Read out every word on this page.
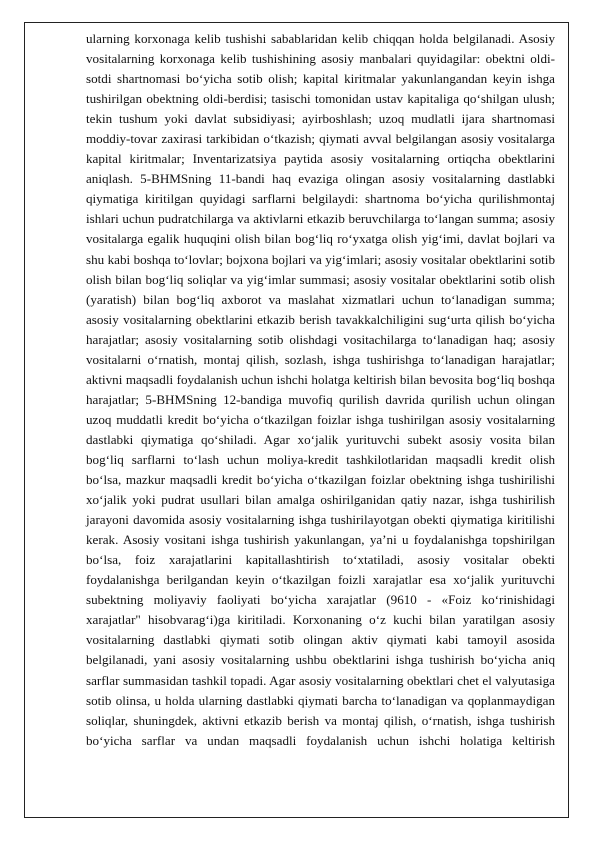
ularning korxonaga kelib tushishi sabablaridan kelib chiqqan holda belgilanadi. Asosiy vositalarning korxonaga kelib tushishining asosiy manbalari quyidagilar: obektni oldi-sotdi shartnomasi bo‘yicha sotib olish; kapital kiritmalar yakunlangandan keyin ishga tushirilgan obektning oldi-berdisi; tasischi tomonidan ustav kapitaliga qo‘shilgan ulush; tekin tushum yoki davlat subsidiyasi; ayirboshlash; uzoq mudlatli ijara shartnomasi moddiy-tovar zaxirasi tarkibidan o‘tkazish; qiymati avval belgilangan asosiy vositalarga kapital kiritmalar; Inventarizatsiya paytida asosiy vositalarning ortiqcha obektlarini aniqlash. 5-BHMSning 11-bandi haq evaziga olingan asosiy vositalarning dastlabki qiymatiga kiritilgan quyidagi sarflarni belgilaydi: shartnoma bo‘yicha qurilishmontaj ishlari uchun pudratchilarga va aktivlarni etkazib beruvchilarga to‘langan summa; asosiy vositalarga egalik huquqini olish bilan bog‘liq ro‘yxatga olish yig‘imi, davlat bojlari va shu kabi boshqa to‘lovlar; bojxona bojlari va yig‘imlari; asosiy vositalar obektlarini sotib olish bilan bog‘liq soliqlar va yig‘imlar summasi; asosiy vositalar obektlarini sotib olish (yaratish) bilan bog‘liq axborot va maslahat xizmatlari uchun to‘lanadigan summa; asosiy vositalarning obektlarini etkazib berish tavakkalchiligini sug‘urta qilish bo‘yicha harajatlar; asosiy vositalarning sotib olishdagi vositachilarga to‘lanadigan haq; asosiy vositalarni o‘rnatish, montaj qilish, sozlash, ishga tushirishga to‘lanadigan harajatlar; aktivni maqsadli foydalanish uchun ishchi holatga keltirish bilan bevosita bog‘liq boshqa harajatlar; 5-BHMSning 12-bandiga muvofiq qurilish davrida qurilish uchun olingan uzoq muddatli kredit bo‘yicha o‘tkazilgan foizlar ishga tushirilgan asosiy vositalarning dastlabki qiymatiga qo‘shiladi. Agar xo‘jalik yurituvchi subekt asosiy vosita bilan bog‘liq sarflarni to‘lash uchun moliya-kredit tashkilotlaridan maqsadli kredit olish bo‘lsa, mazkur maqsadli kredit bo‘yicha o‘tkazilgan foizlar obektning ishga tushirilishi xo‘jalik yoki pudrat usullari bilan amalga oshirilganidan qatiy nazar, ishga tushirilish jarayoni davomida asosiy vositalarning ishga tushirilayotgan obekti qiymatiga kiritilishi kerak. Asosiy vositani ishga tushirish yakunlangan, ya’ni u foydalanishga topshirilgan bo‘lsa, foiz xarajatlarini kapitallashtirish to‘xtatiladi, asosiy vositalar obekti foydalanishga berilgandan keyin o‘tkazilgan foizli xarajatlar esa xo‘jalik yurituvchi subektning moliyaviy faoliyati bo‘yicha xarajatlar (9610 - «Foiz ko‘rinishidagi xarajatlar" hisobvarag‘i)ga kiritiladi. Korxonaning o‘z kuchi bilan yaratilgan asosiy vositalarning dastlabki qiymati sotib olingan aktiv qiymati kabi tamoyil asosida belgilanadi, yani asosiy vositalarning ushbu obektlarini ishga tushirish bo‘yicha aniq sarflar summasidan tashkil topadi. Agar asosiy vositalarning obektlari chet el valyutasiga sotib olinsa, u holda ularning dastlabki qiymati barcha to‘lanadigan va qoplanmaydigan soliqlar, shuningdek, aktivni etkazib berish va montaj qilish, o‘rnatish, ishga tushirish bo‘yicha sarflar va undan maqsadli foydalanish uchun ishchi holatiga keltirish
